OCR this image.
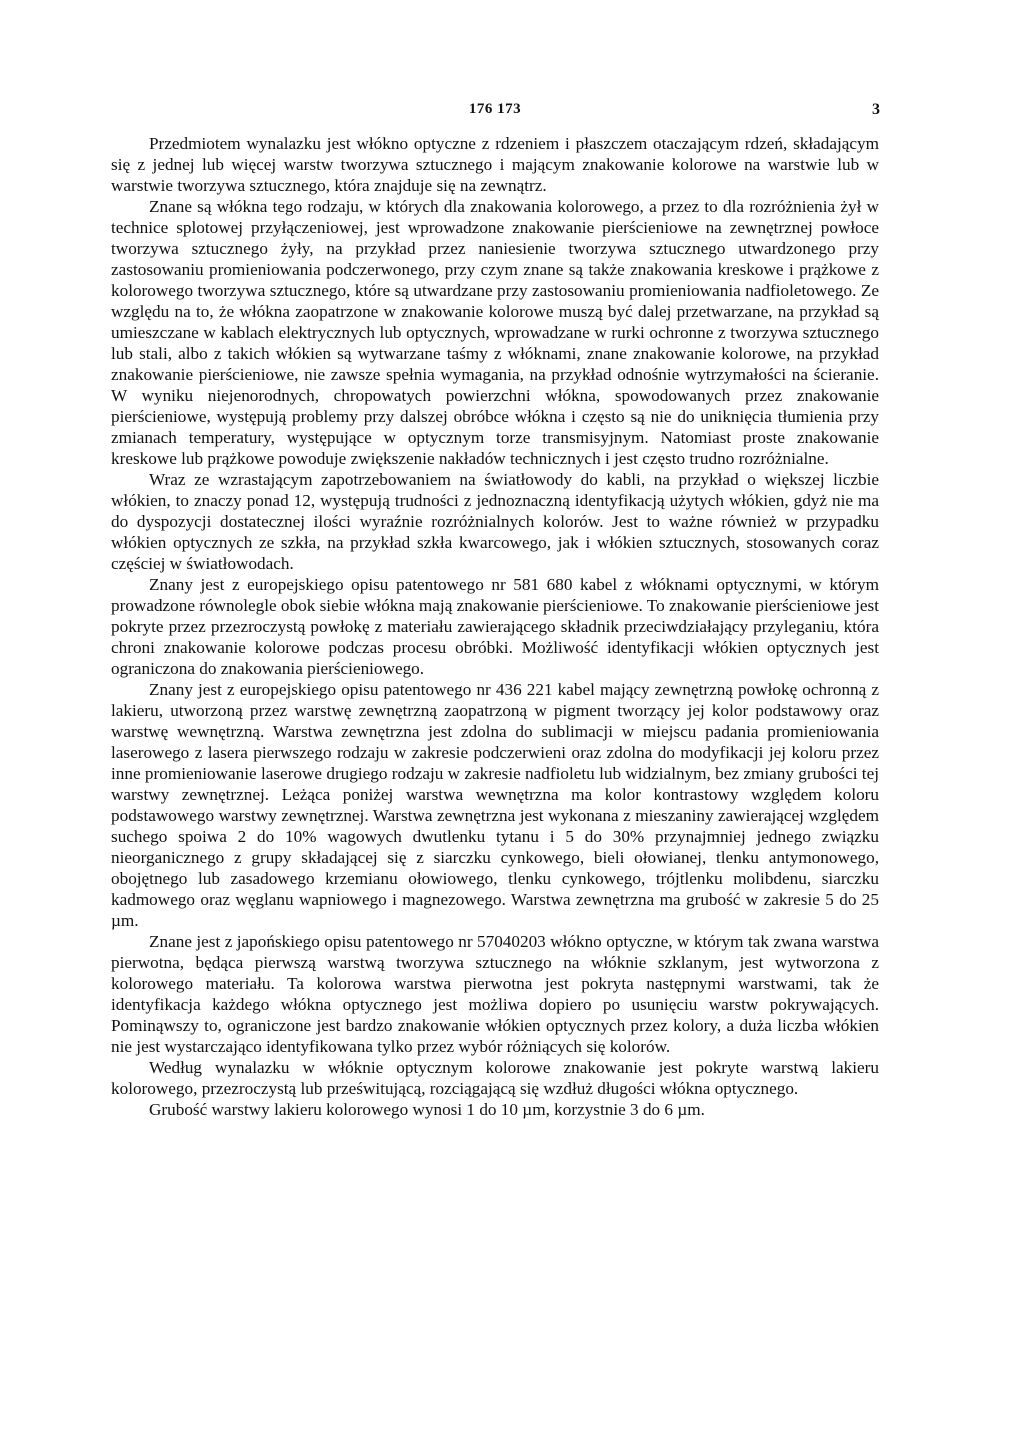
176 173	3

Przedmiotem wynalazku jest włókno optyczne z rdzeniem i płaszczem otaczającym rdzeń, składającym się z jednej lub więcej warstw tworzywa sztucznego i mającym znakowanie kolorowe na warstwie lub w warstwie tworzywa sztucznego, która znajduje się na zewnątrz.

Znane są włókna tego rodzaju, w których dla znakowania kolorowego, a przez to dla rozróżnienia żył w technice splotowej przyłączeniowej, jest wprowadzone znakowanie pierścieniowe na zewnętrznej powłoce tworzywa sztucznego żyły, na przykład przez naniesienie tworzywa sztucznego utwardzonego przy zastosowaniu promieniowania podczerwonego, przy czym znane są także znakowania kreskowe i prążkowe z kolorowego tworzywa sztucznego, które są utwardzane przy zastosowaniu promieniowania nadfioletowego. Ze względu na to, że włókna zaopatrzone w znakowanie kolorowe muszą być dalej przetwarzane, na przykład są umieszczane w kablach elektrycznych lub optycznych, wprowadzane w rurki ochronne z tworzywa sztucznego lub stali, albo z takich włókien są wytwarzane taśmy z włóknami, znane znakowanie kolorowe, na przykład znakowanie pierścieniowe, nie zawsze spełnia wymagania, na przykład odnośnie wytrzymałości na ścieranie. W wyniku niejenorodnych, chropowatych powierzchni włókna, spowodowanych przez znakowanie pierścieniowe, występują problemy przy dalszej obróbce włókna i często są nie do uniknięcia tłumienia przy zmianach temperatury, występujące w optycznym torze transmisyjnym. Natomiast proste znakowanie kreskowe lub prążkowe powoduje zwiększenie nakładów technicznych i jest często trudno rozróżnialne.

Wraz ze wzrastającym zapotrzebowaniem na światłowody do kabli, na przykład o większej liczbie włókien, to znaczy ponad 12, występują trudności z jednoznaczną identyfikacją użytych włókien, gdyż nie ma do dyspozycji dostatecznej ilości wyraźnie rozróżnialnych kolorów. Jest to ważne również w przypadku włókien optycznych ze szkła, na przykład szkła kwarcowego, jak i włókien sztucznych, stosowanych coraz częściej w światłowodach.

Znany jest z europejskiego opisu patentowego nr 581 680 kabel z włóknami optycznymi, w którym prowadzone równolegle obok siebie włókna mają znakowanie pierścieniowe. To znakowanie pierścieniowe jest pokryte przez przezroczystą powłokę z materiału zawierającego składnik przeciwdziałający przyleganiu, która chroni znakowanie kolorowe podczas procesu obróbki. Możliwość identyfikacji włókien optycznych jest ograniczona do znakowania pierścieniowego.

Znany jest z europejskiego opisu patentowego nr 436 221 kabel mający zewnętrzną powłokę ochronną z lakieru, utworzoną przez warstwę zewnętrzną zaopatrzoną w pigment tworzący jej kolor podstawowy oraz warstwę wewnętrzną. Warstwa zewnętrzna jest zdolna do sublimacji w miejscu padania promieniowania laserowego z lasera pierwszego rodzaju w zakresie podczerwieni oraz zdolna do modyfikacji jej koloru przez inne promieniowanie laserowe drugiego rodzaju w zakresie nadfioletu lub widzialnym, bez zmiany grubości tej warstwy zewnętrznej. Leżąca poniżej warstwa wewnętrzna ma kolor kontrastowy względem koloru podstawowego warstwy zewnętrznej. Warstwa zewnętrzna jest wykonana z mieszaniny zawierającej względem suchego spoiwa 2 do 10% wagowych dwutlenku tytanu i 5 do 30% przynajmniej jednego związku nieorganicznego z grupy składającej się z siarczku cynkowego, bieli ołowianej, tlenku antymonowego, obojętnego lub zasadowego krzemianu ołowiowego, tlenku cynkowego, trójtlenku molibdenu, siarczku kadmowego oraz węglanu wapniowego i magnezowego. Warstwa zewnętrzna ma grubość w zakresie 5 do 25 µm.

Znane jest z japońskiego opisu patentowego nr 57040203 włókno optyczne, w którym tak zwana warstwa pierwotna, będąca pierwszą warstwą tworzywa sztucznego na włóknie szklanym, jest wytworzona z kolorowego materiału. Ta kolorowa warstwa pierwotna jest pokryta następnymi warstwami, tak że identyfikacja każdego włókna optycznego jest możliwa dopiero po usunięciu warstw pokrywających. Pominąwszy to, ograniczone jest bardzo znakowanie włókien optycznych przez kolory, a duża liczba włókien nie jest wystarczająco identyfikowana tylko przez wybór różniących się kolorów.

Według wynalazku w włóknie optycznym kolorowe znakowanie jest pokryte warstwą lakieru kolorowego, przezroczystą lub prześwitującą, rozciągającą się wzdłuż długości włókna optycznego.

Grubość warstwy lakieru kolorowego wynosi 1 do 10 µm, korzystnie 3 do 6 µm.
